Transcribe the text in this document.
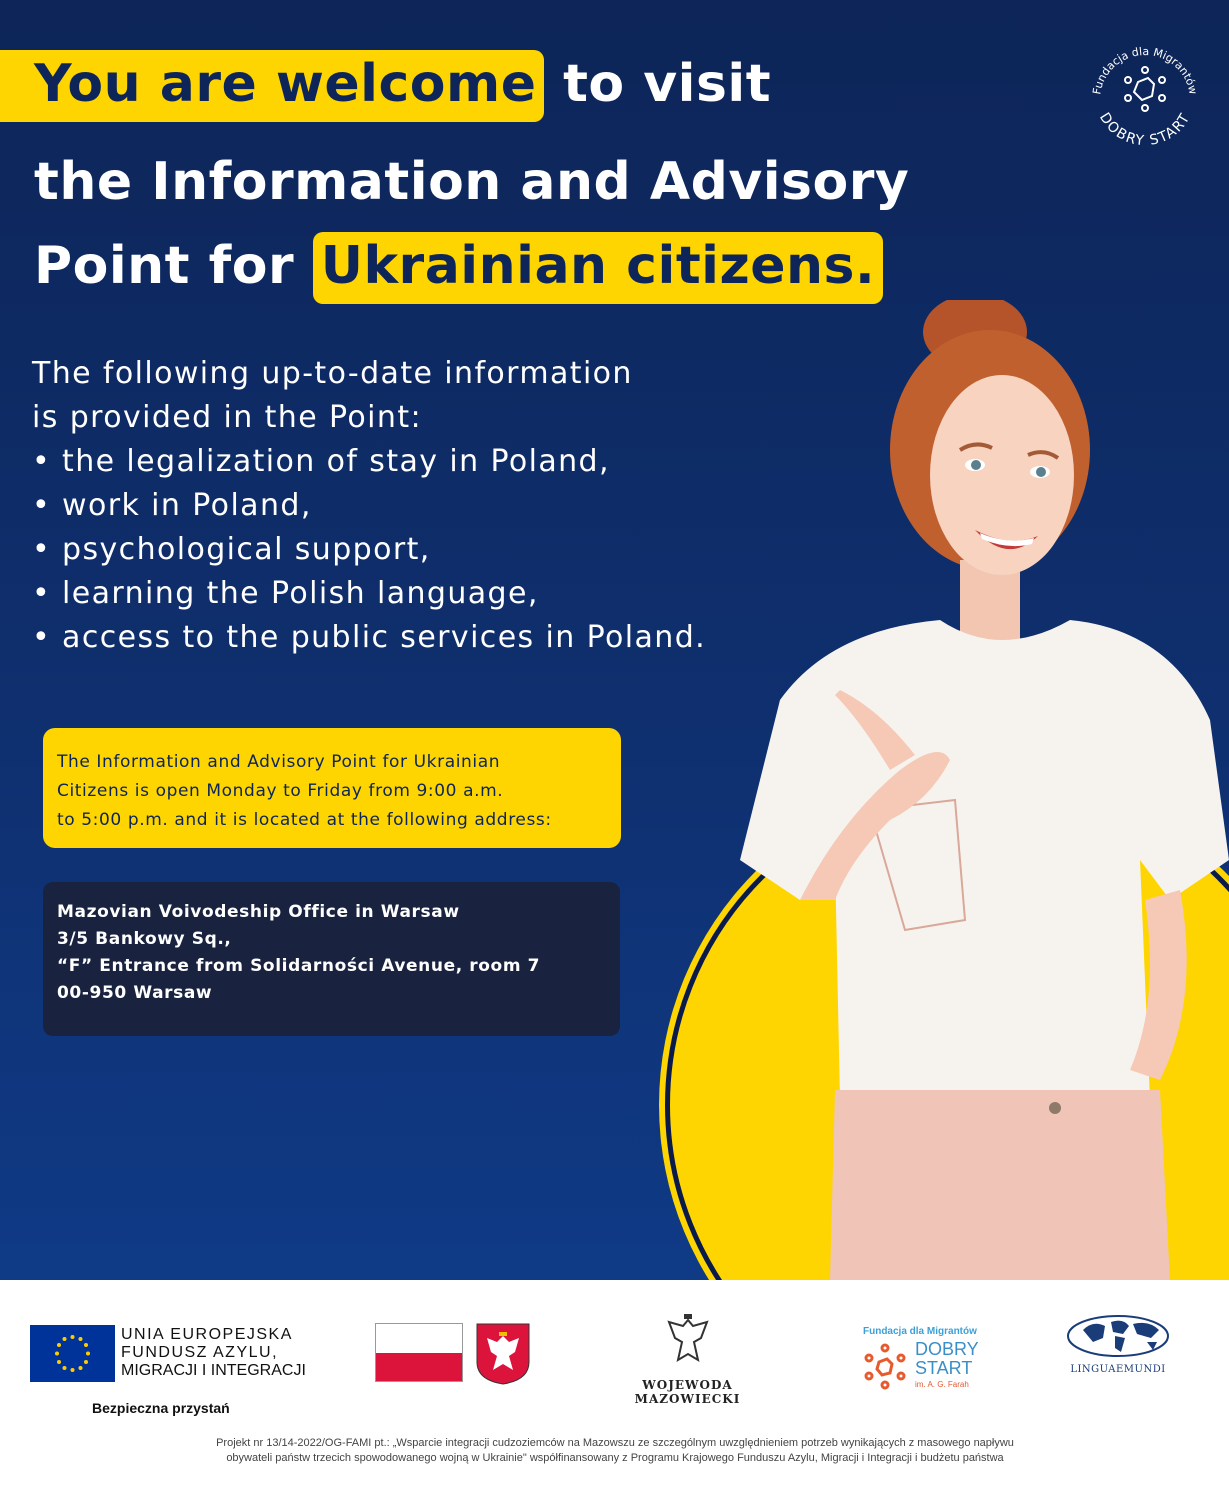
Fundacja dla Migrantów
DOBRY START
You are welcome to visit
the Information and Advisory
Point for Ukrainian citizens.
The following up-to-date information
is provided in the Point:
• the legalization of stay in Poland,
• work in Poland,
• psychological support,
• learning the Polish language,
• access to the public services in Poland.
The Information and Advisory Point for Ukrainian
Citizens is open Monday to Friday from 9:00 a.m.
to 5:00 p.m. and it is located at the following address:
Mazovian Voivodeship Office in Warsaw
3/5 Bankowy Sq.,
“F” Entrance from Solidarności Avenue, room 7
00-950 Warsaw
UNIA EUROPEJSKA
FUNDUSZ AZYLU,
MIGRACJI I INTEGRACJI
Bezpieczna przystań
WOJEWODA MAZOWIECKI
Fundacja dla Migrantów
DOBRY
START
im. A. G. Farah
LINGUAEMUNDI
Projekt nr 13/14-2022/OG-FAMI pt.: „Wsparcie integracji cudzoziemców na Mazowszu ze szczególnym uwzględnieniem potrzeb wynikających z masowego napływu
obywateli państw trzecich spowodowanego wojną w Ukrainie" współfinansowany z Programu Krajowego Funduszu Azylu, Migracji i Integracji i budżetu państwa
